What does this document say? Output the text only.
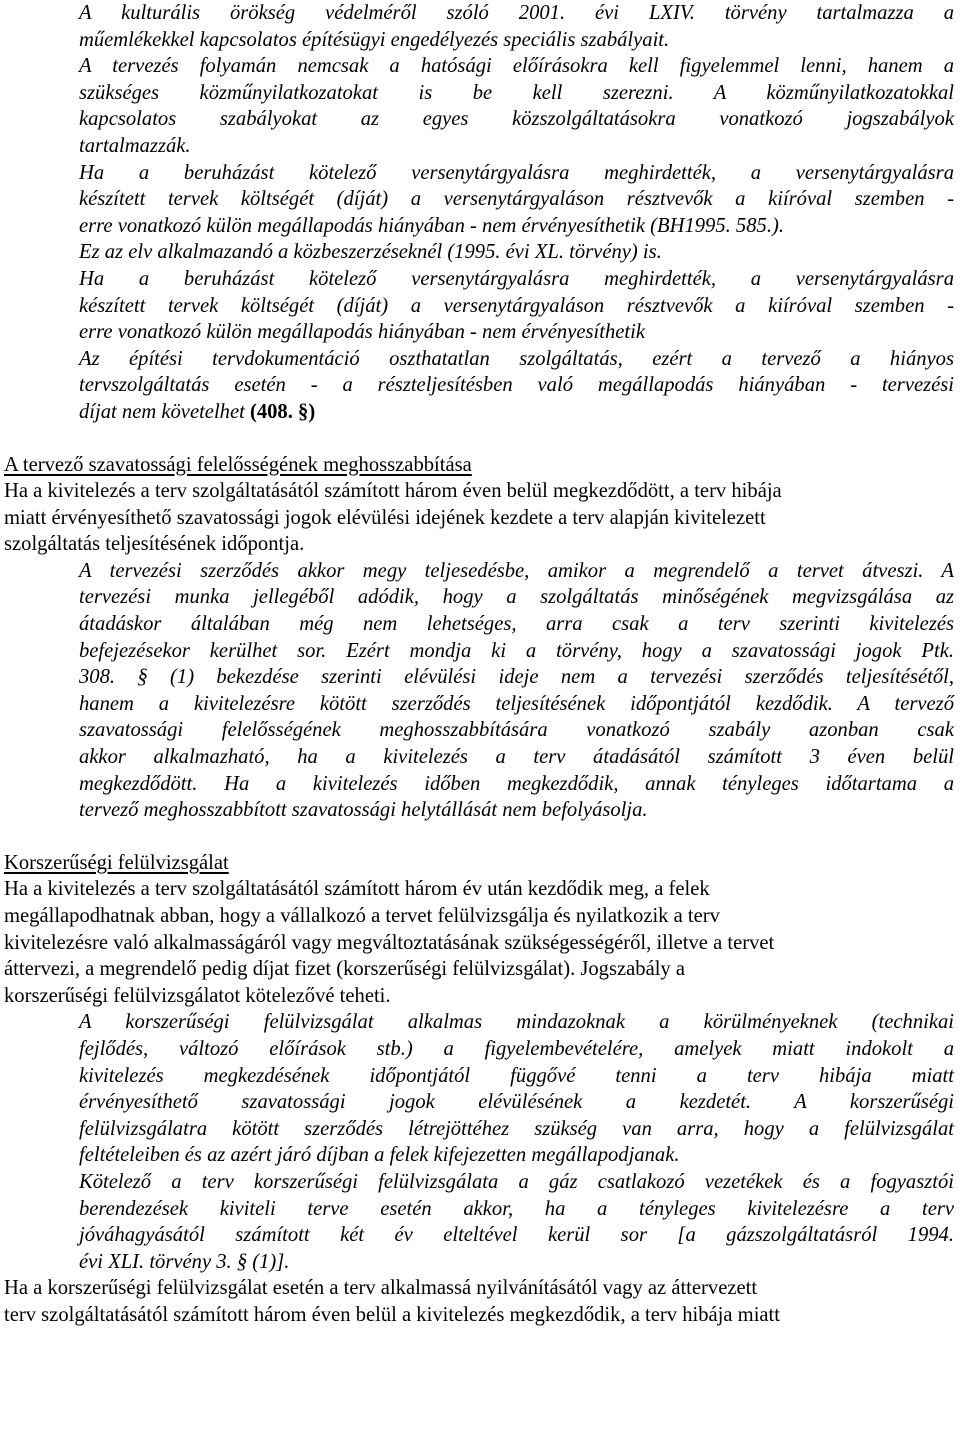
A kulturális örökség védelméről szóló 2001. évi LXIV. törvény tartalmazza a

műemlékekkel kapcsolatos építésügyi engedélyezés speciális szabályait.

A tervezés folyamán nemcsak a hatósági előírásokra kell figyelemmel lenni, hanem a

szükséges közműnyilatkozatokat is be kell szerezni. A közműnyilatkozatokkal

kapcsolatos szabályokat az egyes közszolgáltatásokra vonatkozó jogszabályok

tartalmazzák.

Ha a beruházást kötelező versenytárgyalásra meghirdették, a versenytárgyalásra

készített tervek költségét (díját) a versenytárgyaláson résztvevők a kiíróval szemben -

erre vonatkozó külön megállapodás hiányában - nem érvényesíthetik (BH1995. 585.).

Ez az elv alkalmazandó a közbeszerzéseknél (1995. évi XL. törvény) is.

Ha a beruházást kötelező versenytárgyalásra meghirdették, a versenytárgyalásra

készített tervek költségét (díját) a versenytárgyaláson résztvevők a kiíróval szemben -

erre vonatkozó külön megállapodás hiányában - nem érvényesíthetik

Az építési tervdokumentáció oszthatatlan szolgáltatás, ezért a tervező a hiányos

tervszolgáltatás esetén - a részteljesítésben való megállapodás hiányában - tervezési

díjat nem követelhet (408. §)

A tervező szavatossági felelősségének meghosszabbítása

Ha a kivitelezés a terv szolgáltatásától számított három éven belül megkezdődött, a terv hibája

miatt érvényesíthető szavatossági jogok elévülési idejének kezdete a terv alapján kivitelezett

szolgáltatás teljesítésének időpontja.

A tervezési szerződés akkor megy teljesedésbe, amikor a megrendelő a tervet átveszi. A

tervezési munka jellegéből adódik, hogy a szolgáltatás minőségének megvizsgálása az

átadáskor általában még nem lehetséges, arra csak a terv szerinti kivitelezés

befejezésekor kerülhet sor. Ezért mondja ki a törvény, hogy a szavatossági jogok Ptk.

308. § (1) bekezdése szerinti elévülési ideje nem a tervezési szerződés teljesítésétől,

hanem a kivitelezésre kötött szerződés teljesítésének időpontjától kezdődik. A tervező

szavatossági felelősségének meghosszabbítására vonatkozó szabály azonban csak

akkor alkalmazható, ha a kivitelezés a terv átadásától számított 3 éven belül

megkezdődött. Ha a kivitelezés időben megkezdődik, annak tényleges időtartama a

tervező meghosszabbított szavatossági helytállását nem befolyásolja.

Korszerűségi felülvizsgálat

Ha a kivitelezés a terv szolgáltatásától számított három év után kezdődik meg, a felek

megállapodhatnak abban, hogy a vállalkozó a tervet felülvizsgálja és nyilatkozik a terv

kivitelezésre való alkalmasságáról vagy megváltoztatásának szükségességéről, illetve a tervet

áttervezi, a megrendelő pedig díjat fizet (korszerűségi felülvizsgálat). Jogszabály a

korszerűségi felülvizsgálatot kötelezővé teheti.

A korszerűségi felülvizsgálat alkalmas mindazoknak a körülményeknek (technikai

fejlődés, változó előírások stb.) a figyelembevételére, amelyek miatt indokolt a

kivitelezés megkezdésének időpontjától függővé tenni a terv hibája miatt

érvényesíthető szavatossági jogok elévülésének a kezdetét. A korszerűségi

felülvizsgálatra kötött szerződés létrejöttéhez szükség van arra, hogy a felülvizsgálat

feltételeiben és az azért járó díjban a felek kifejezetten megállapodjanak.

Kötelező a terv korszerűségi felülvizsgálata a gáz csatlakozó vezetékek és a fogyasztói

berendezések kiviteli terve esetén akkor, ha a tényleges kivitelezésre a terv

jóváhagyásától számított két év elteltével kerül sor [a gázszolgáltatásról 1994.

évi XLI. törvény 3. § (1)].

Ha a korszerűségi felülvizsgálat esetén a terv alkalmassá nyilvánításától vagy az áttervezett

terv szolgáltatásától számított három éven belül a kivitelezés megkezdődik, a terv hibája miatt
